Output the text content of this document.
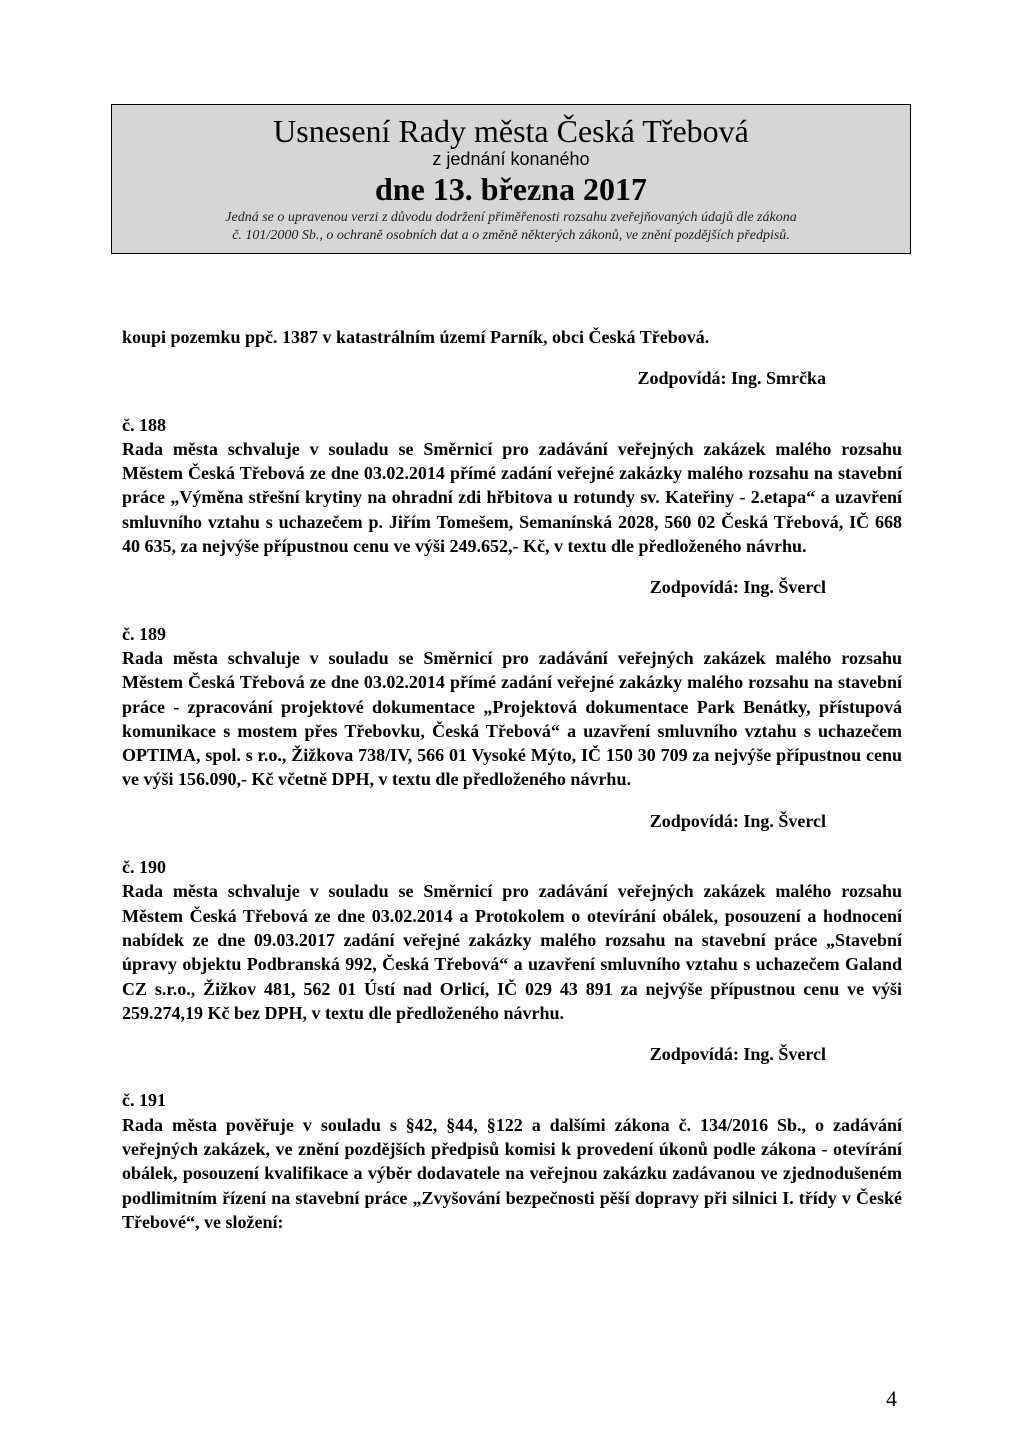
Usnesení Rady města Česká Třebová
z jednání konaného
dne 13. března 2017
Jedná se o upravenou verzi z důvodu dodržení přiměřenosti rozsahu zveřejňovaných údajů dle zákona
č. 101/2000 Sb., o ochraně osobních dat a o změně některých zákonů, ve znění pozdějších předpisů.

koupi pozemku ppč. 1387 v katastrálním území Parník, obci Česká Třebová.

Zodpovídá: Ing. Smrčka

č. 188

Rada města schvaluje v souladu se Směrnicí pro zadávání veřejných zakázek malého rozsahu Městem Česká Třebová ze dne 03.02.2014 přímé zadání veřejné zakázky malého rozsahu na stavební práce „Výměna střešní krytiny na ohradní zdi hřbitova u rotundy sv. Kateřiny - 2.etapa“ a uzavření smluvního vztahu s uchazečem p. Jiřím Tomešem, Semanínská 2028, 560 02 Česká Třebová, IČ 668 40 635, za nejvýše přípustnou cenu ve výši 249.652,- Kč, v textu dle předloženého návrhu.

Zodpovídá: Ing. Švercl

č. 189

Rada města schvaluje v souladu se Směrnicí pro zadávání veřejných zakázek malého rozsahu Městem Česká Třebová ze dne 03.02.2014 přímé zadání veřejné zakázky malého rozsahu na stavební práce - zpracování projektové dokumentace „Projektová dokumentace Park Benátky, přístupová komunikace s mostem přes Třebovku, Česká Třebová“ a uzavření smluvního vztahu s uchazečem OPTIMA, spol. s r.o., Žižkova 738/IV, 566 01 Vysoké Mýto, IČ 150 30 709 za nejvýše přípustnou cenu ve výši 156.090,- Kč včetně DPH, v textu dle předloženého návrhu.

Zodpovídá: Ing. Švercl

č. 190

Rada města schvaluje v souladu se Směrnicí pro zadávání veřejných zakázek malého rozsahu Městem Česká Třebová ze dne 03.02.2014 a Protokolem o otevírání obálek, posouzení a hodnocení nabídek ze dne 09.03.2017 zadání veřejné zakázky malého rozsahu na stavební práce „Stavební úpravy objektu Podbranská 992, Česká Třebová“ a uzavření smluvního vztahu s uchazečem Galand CZ s.r.o., Žižkov 481, 562 01 Ústí nad Orlicí, IČ 029 43 891 za nejvýše přípustnou cenu ve výši 259.274,19 Kč bez DPH, v textu dle předloženého návrhu.

Zodpovídá: Ing. Švercl

č. 191

Rada města pověřuje v souladu s §42, §44, §122 a dalšími zákona č. 134/2016 Sb., o zadávání veřejných zakázek, ve znění pozdějších předpisů komisi k provedení úkonů podle zákona - otevírání obálek, posouzení kvalifikace a výběr dodavatele na veřejnou zakázku zadávanou ve zjednodušeném podlimitním řízení na stavební práce „Zvyšování bezpečnosti pěší dopravy při silnici I. třídy v České Třebové“, ve složení:

4
